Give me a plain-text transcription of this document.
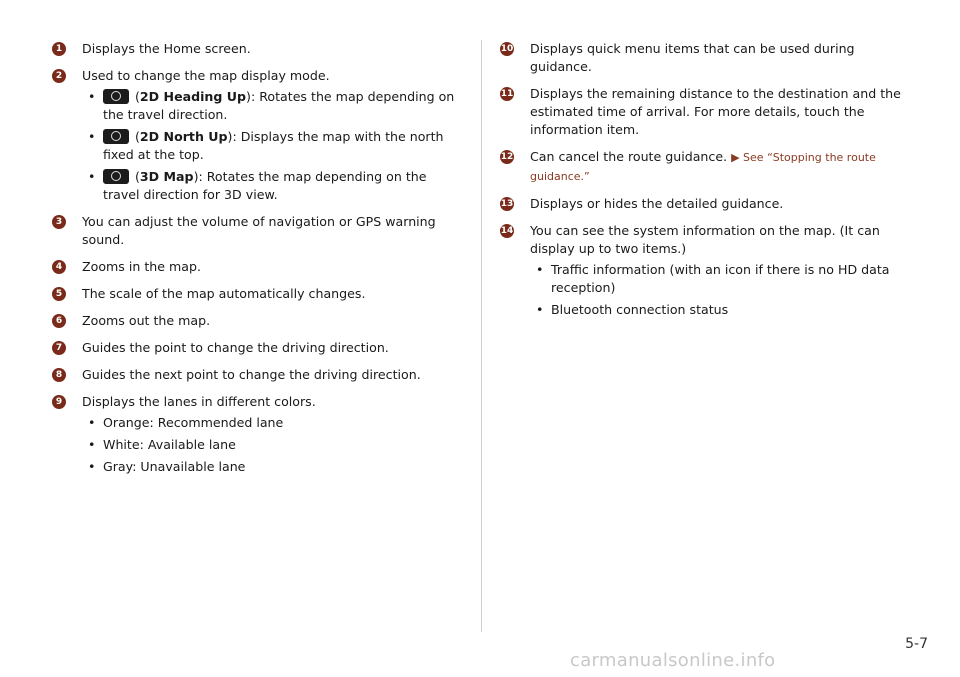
1	Displays the Home screen.
2	Used to change the map display mode.
•	(2D Heading Up): Rotates the map depending on the travel direction.
•	(2D North Up): Displays the map with the north fixed at the top.
•	(3D Map): Rotates the map depending on the travel direction for 3D view.
3	You can adjust the volume of navigation or GPS warning sound.
4	Zooms in the map.
5	The scale of the map automatically changes.
6	Zooms out the map.
7	Guides the point to change the driving direction.
8	Guides the next point to change the driving direction.
9	Displays the lanes in different colors.
• Orange: Recommended lane
• White: Available lane
• Gray: Unavailable lane
10 Displays quick menu items that can be used during guidance.
11 Displays the remaining distance to the destination and the estimated time of arrival. For more details, touch the information item.
12 Can cancel the route guidance. ▶ See “Stopping the route guidance.”
13 Displays or hides the detailed guidance.
14 You can see the system information on the map. (It can display up to two items.)
• Traffic information (with an icon if there is no HD data reception)
• Bluetooth connection status
5-7
carmanualsonline.info
